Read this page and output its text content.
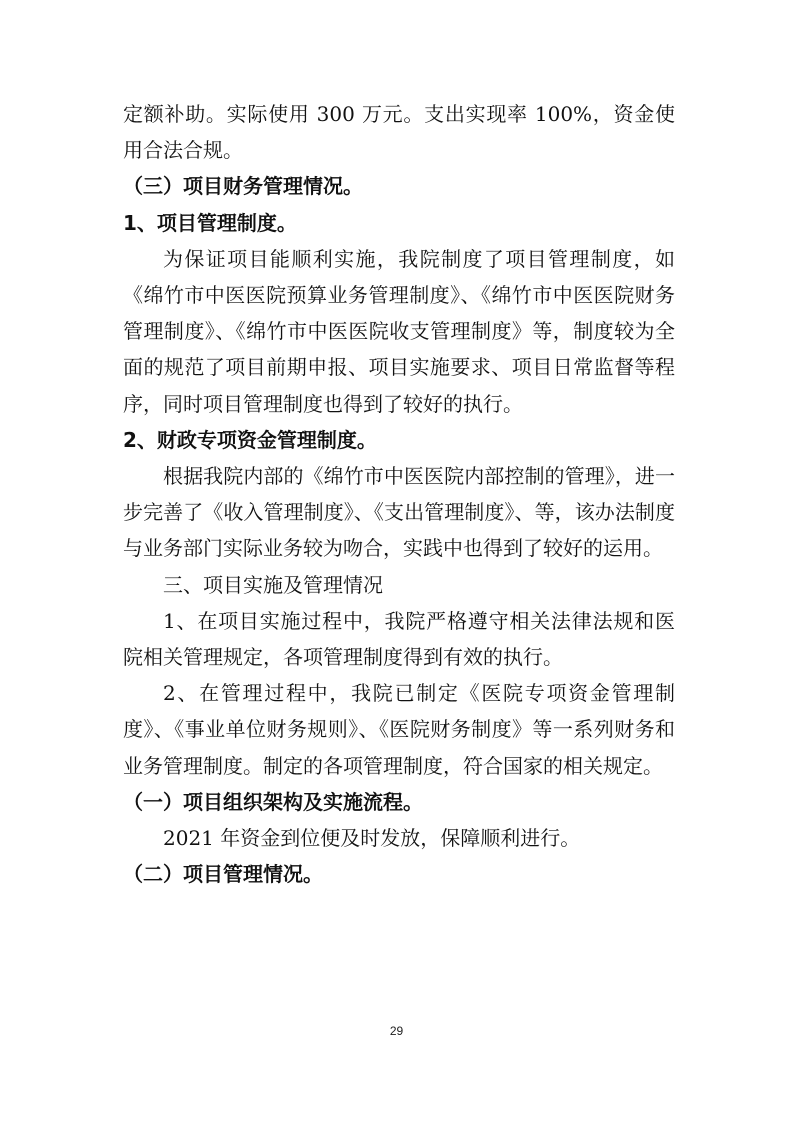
定额补助。实际使用 300 万元。支出实现率 100%，资金使用合法合规。

（三）项目财务管理情况。

1、项目管理制度。

为保证项目能顺利实施，我院制度了项目管理制度，如《绵竹市中医医院预算业务管理制度》、《绵竹市中医医院财务管理制度》、《绵竹市中医医院收支管理制度》等，制度较为全面的规范了项目前期申报、项目实施要求、项目日常监督等程序，同时项目管理制度也得到了较好的执行。

2、财政专项资金管理制度。

根据我院内部的《绵竹市中医医院内部控制的管理》，进一步完善了《收入管理制度》、《支出管理制度》、等，该办法制度与业务部门实际业务较为吻合，实践中也得到了较好的运用。

三、项目实施及管理情况

1、在项目实施过程中，我院严格遵守相关法律法规和医院相关管理规定，各项管理制度得到有效的执行。

2、在管理过程中，我院已制定《医院专项资金管理制度》、《事业单位财务规则》、《医院财务制度》等一系列财务和业务管理制度。制定的各项管理制度，符合国家的相关规定。

（一）项目组织架构及实施流程。

2021 年资金到位便及时发放，保障顺利进行。

（二）项目管理情况。

29
